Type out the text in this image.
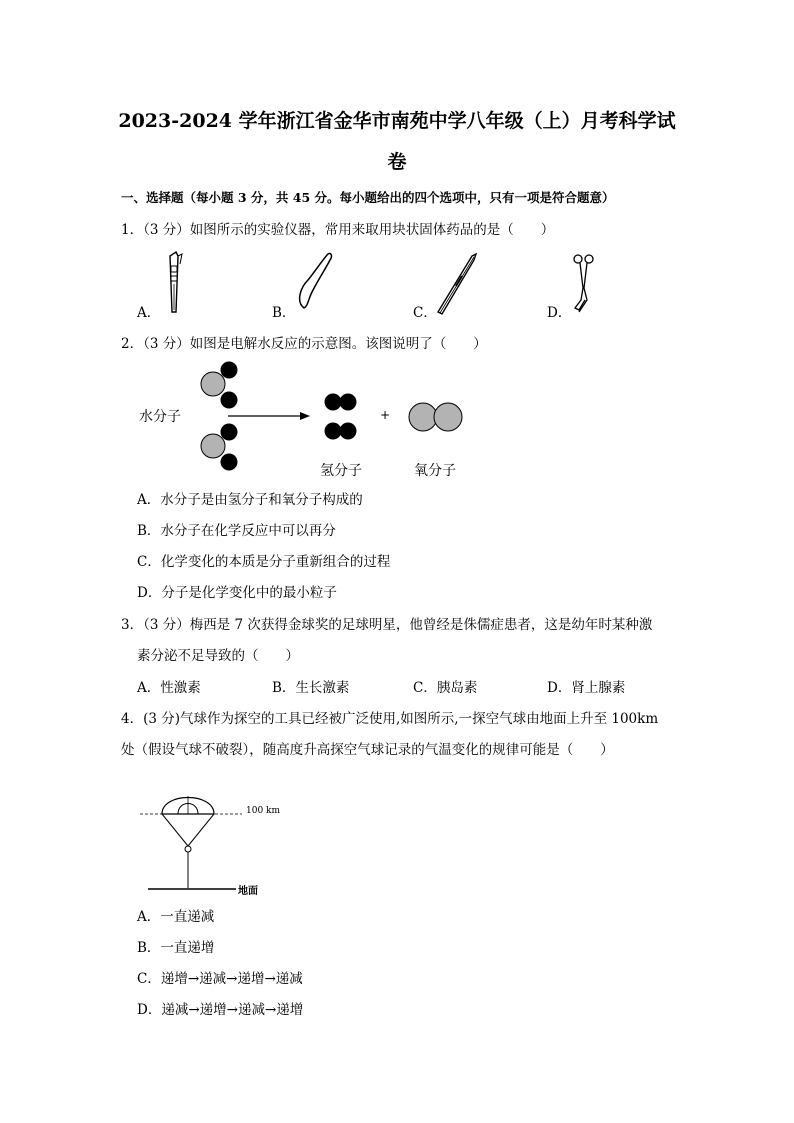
2023-2024 学年浙江省金华市南苑中学八年级（上）月考科学试
卷
一、选择题（每小题 3 分，共 45 分。每小题给出的四个选项中，只有一项是符合题意）
1．（3 分）如图所示的实验仪器，常用来取用块状固体药品的是（　　）
A．	B．	C．	D．
2．（3 分）如图是电解水反应的示意图。该图说明了（　　）
水分子	+
氢分子	氧分子
A．水分子是由氢分子和氧分子构成的
B．水分子在化学反应中可以再分
C．化学变化的本质是分子重新组合的过程
D．分子是化学变化中的最小粒子
3．（3 分）梅西是 7 次获得金球奖的足球明星，他曾经是侏儒症患者，这是幼年时某种激
素分泌不足导致的（　　）
A．性激素	B．生长激素	C．胰岛素	D．肾上腺素
4．(3 分)气球作为探空的工具已经被广泛使用,如图所示,一探空气球由地面上升至 100km
处（假设气球不破裂），随高度升高探空气球记录的气温变化的规律可能是（　　）
100 km
地面
A．一直递减
B．一直递增
C．递增→递减→递增→递减
D．递减→递增→递减→递增
